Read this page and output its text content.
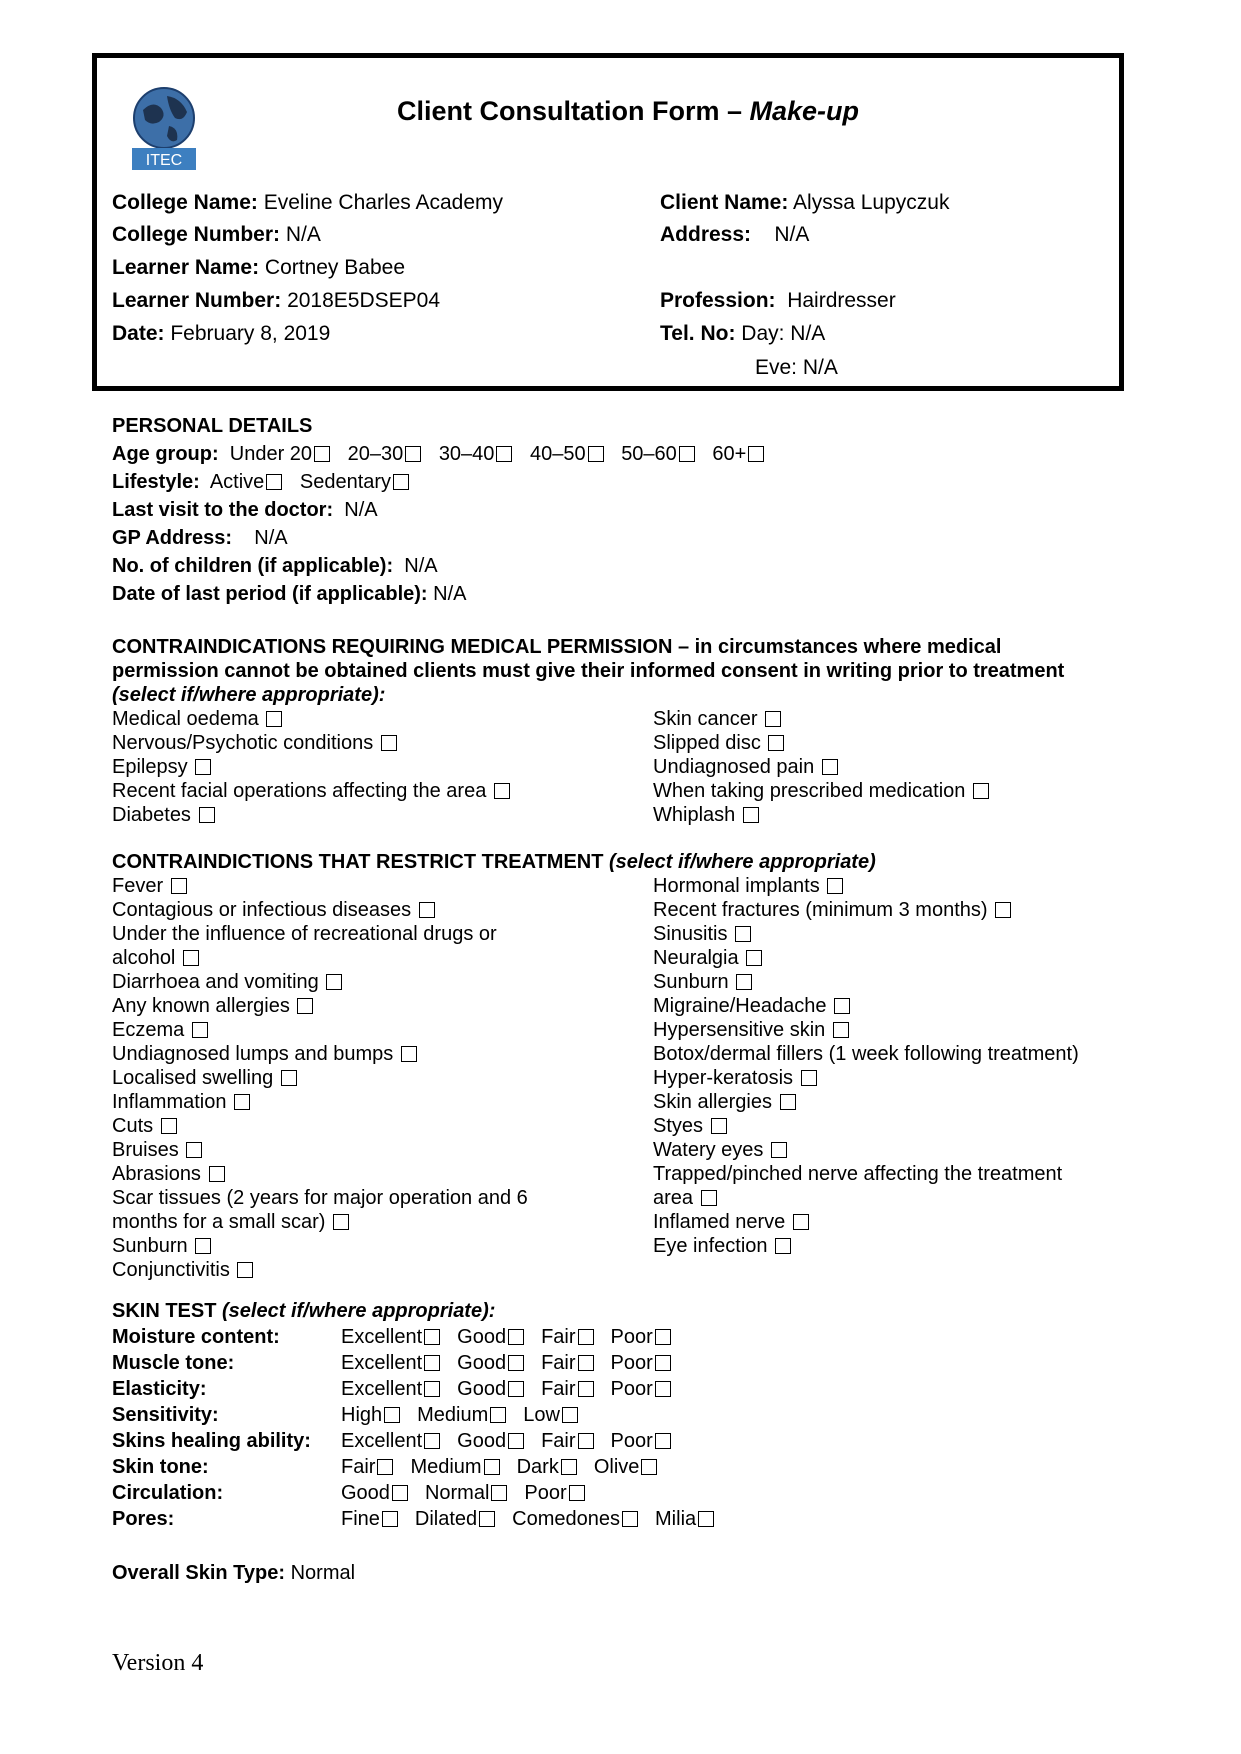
ITEC
Client Consultation Form – Make-up
College Name: Eveline Charles Academy
College Number: N/A
Learner Name: Cortney Babee
Learner Number: 2018E5DSEP04
Date: February 8, 2019
Client Name: Alyssa Lupyczuk
Address: N/A
Profession: Hairdresser
Tel. No: Day: N/A
Eve: N/A
PERSONAL DETAILS
Age group: Under 20 20–30 30–40 40–50 50–60 60+
Lifestyle: Active Sedentary
Last visit to the doctor: N/A
GP Address: N/A
No. of children (if applicable): N/A
Date of last period (if applicable): N/A
CONTRAINDICATIONS REQUIRING MEDICAL PERMISSION – in circumstances where medical
permission cannot be obtained clients must give their informed consent in writing prior to treatment
(select if/where appropriate):
Medical oedema
Nervous/Psychotic conditions
Epilepsy
Recent facial operations affecting the area
Diabetes
Skin cancer
Slipped disc
Undiagnosed pain
When taking prescribed medication
Whiplash
CONTRAINDICTIONS THAT RESTRICT TREATMENT (select if/where appropriate)
Fever
Contagious or infectious diseases
Under the influence of recreational drugs or
alcohol
Diarrhoea and vomiting
Any known allergies
Eczema
Undiagnosed lumps and bumps
Localised swelling
Inflammation
Cuts
Bruises
Abrasions
Scar tissues (2 years for major operation and 6
months for a small scar)
Sunburn
Conjunctivitis
Hormonal implants
Recent fractures (minimum 3 months)
Sinusitis
Neuralgia
Sunburn
Migraine/Headache
Hypersensitive skin
Botox/dermal fillers (1 week following treatment)
Hyper-keratosis
Skin allergies
Styes
Watery eyes
Trapped/pinched nerve affecting the treatment
area
Inflamed nerve
Eye infection
SKIN TEST (select if/where appropriate):
Moisture content:	Excellent Good Fair Poor
Muscle tone:	Excellent Good Fair Poor
Elasticity:	Excellent Good Fair Poor
Sensitivity:	High Medium Low
Skins healing ability: Excellent Good Fair Poor
Skin tone:	Fair Medium Dark Olive
Circulation:	Good Normal Poor
Pores:	Fine Dilated Comedones Milia
Overall Skin Type: Normal
Version 4
